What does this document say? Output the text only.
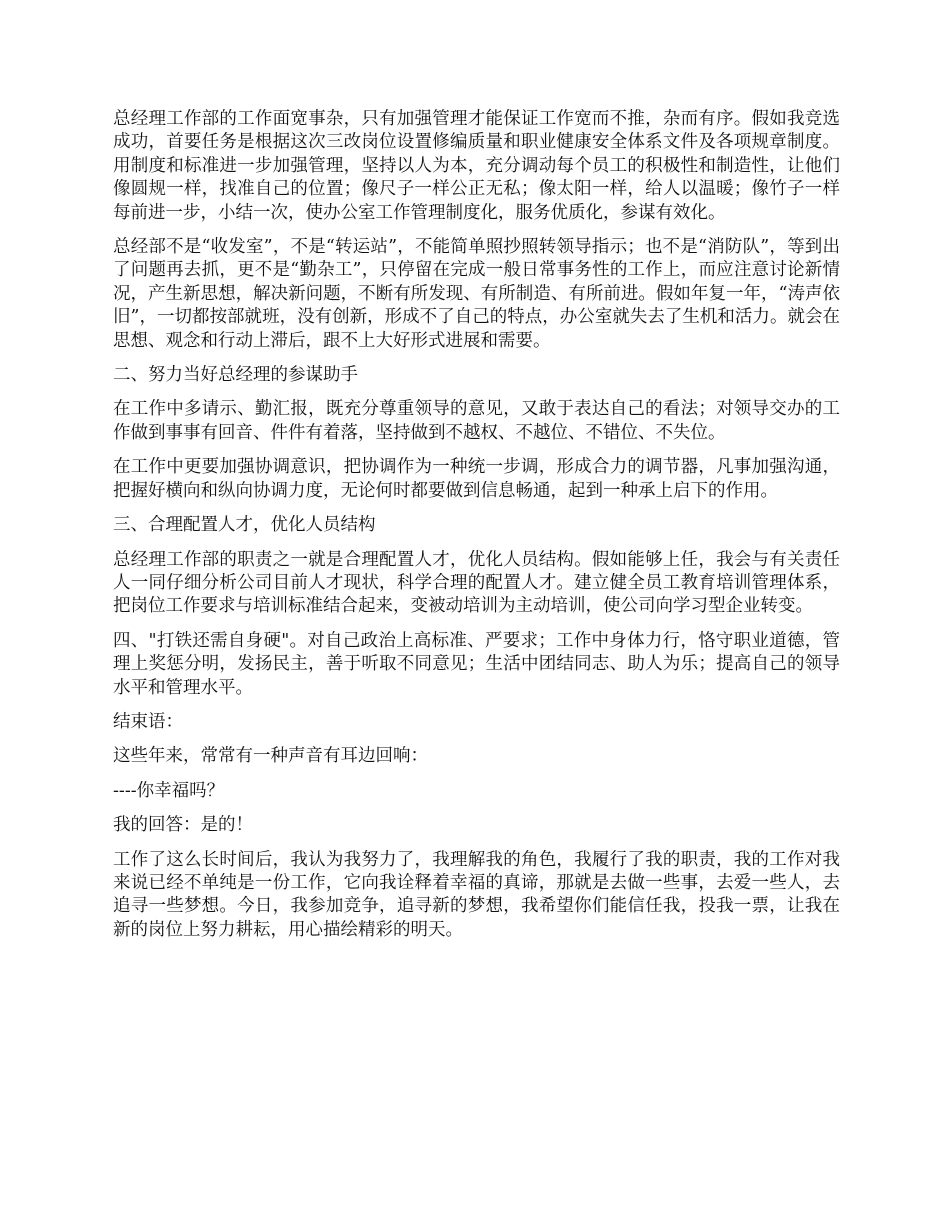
总经理工作部的工作面宽事杂，只有加强管理才能保证工作宽而不推，杂而有序。假如我竞选成功，首要任务是根据这次三改岗位设置修编质量和职业健康安全体系文件及各项规章制度。用制度和标准进一步加强管理，坚持以人为本，充分调动每个员工的积极性和制造性，让他们像圆规一样，找准自己的位置；像尺子一样公正无私；像太阳一样，给人以温暖；像竹子一样每前进一步，小结一次，使办公室工作管理制度化，服务优质化，参谋有效化。

总经部不是“收发室”，不是“转运站”，不能简单照抄照转领导指示；也不是“消防队”，等到出了问题再去抓，更不是“勤杂工”，只停留在完成一般日常事务性的工作上，而应注意讨论新情况，产生新思想，解决新问题，不断有所发现、有所制造、有所前进。假如年复一年，“涛声依旧”，一切都按部就班，没有创新，形成不了自己的特点，办公室就失去了生机和活力。就会在思想、观念和行动上滞后，跟不上大好形式进展和需要。

二、努力当好总经理的参谋助手

在工作中多请示、勤汇报，既充分尊重领导的意见，又敢于表达自己的看法；对领导交办的工作做到事事有回音、件件有着落，坚持做到不越权、不越位、不错位、不失位。

在工作中更要加强协调意识，把协调作为一种统一步调，形成合力的调节器，凡事加强沟通，把握好横向和纵向协调力度，无论何时都要做到信息畅通，起到一种承上启下的作用。

三、合理配置人才，优化人员结构

总经理工作部的职责之一就是合理配置人才，优化人员结构。假如能够上任，我会与有关责任人一同仔细分析公司目前人才现状，科学合理的配置人才。建立健全员工教育培训管理体系，把岗位工作要求与培训标准结合起来，变被动培训为主动培训，使公司向学习型企业转变。

四、"打铁还需自身硬"。对自己政治上高标准、严要求；工作中身体力行，恪守职业道德，管理上奖惩分明，发扬民主，善于听取不同意见；生活中团结同志、助人为乐；提高自己的领导水平和管理水平。

结束语：

这些年来，常常有一种声音有耳边回响：

----你幸福吗？

我的回答：是的！

工作了这么长时间后，我认为我努力了，我理解我的角色，我履行了我的职责，我的工作对我来说已经不单纯是一份工作，它向我诠释着幸福的真谛，那就是去做一些事，去爱一些人，去追寻一些梦想。今日，我参加竞争，追寻新的梦想，我希望你们能信任我，投我一票，让我在新的岗位上努力耕耘，用心描绘精彩的明天。
